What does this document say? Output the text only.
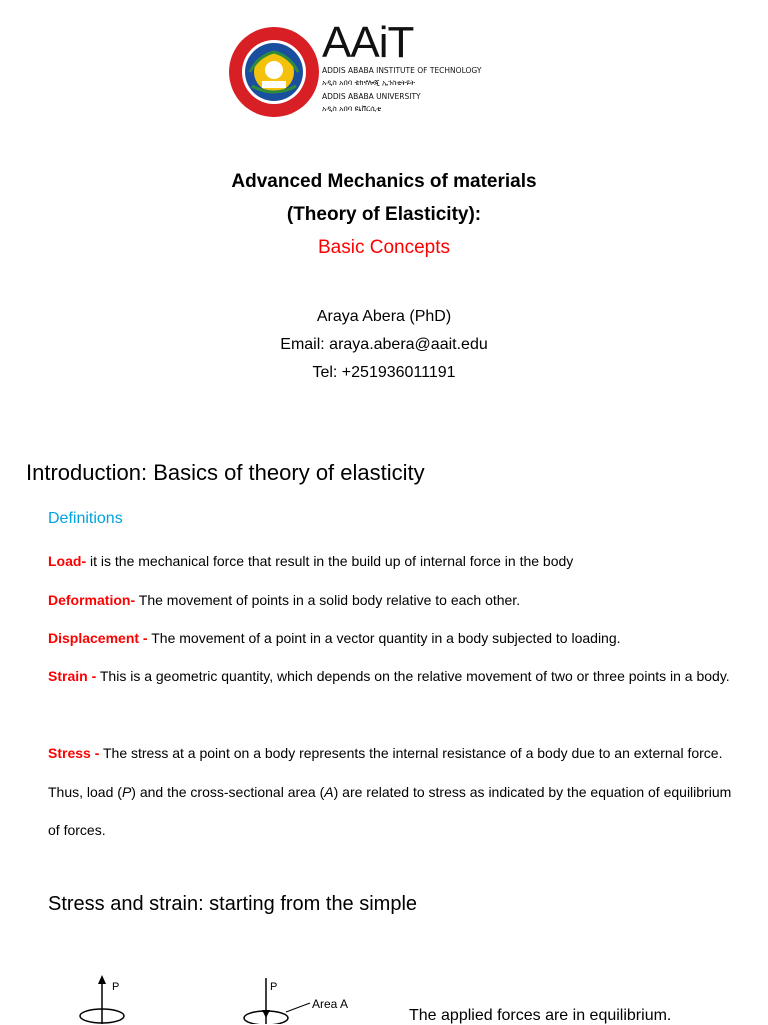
AAiT
ADDIS ABABA INSTITUTE OF TECHNOLOGY
አዲስ አበባ ቴክኖሎጂ ኢንስቲትዩት
ADDIS ABABA UNIVERSITY
አዲስ አበባ ዩኒቨርሲቲ
Advanced Mechanics of materials
(Theory of Elasticity):
Basic Concepts
Araya Abera (PhD)
Email: araya.abera@aait.edu
Tel: +251936011191
Introduction: Basics of theory of elasticity
Definitions
Load- it is the mechanical force that result in the build up of internal force in the body
Deformation- The movement of points in a solid body relative to each other.
Displacement - The movement of a point in a vector quantity in a body subjected to loading.
Strain - This is a geometric quantity, which depends on the relative movement of two or three points in a body.
Stress - The stress at a point on a body represents the internal resistance of a body due to an external force. Thus, load (P) and the cross-sectional area (A) are related to stress as indicated by the equation of equilibrium of forces.
Stress and strain: starting from the simple
P	P
Area A
The applied forces are in equilibrium.
